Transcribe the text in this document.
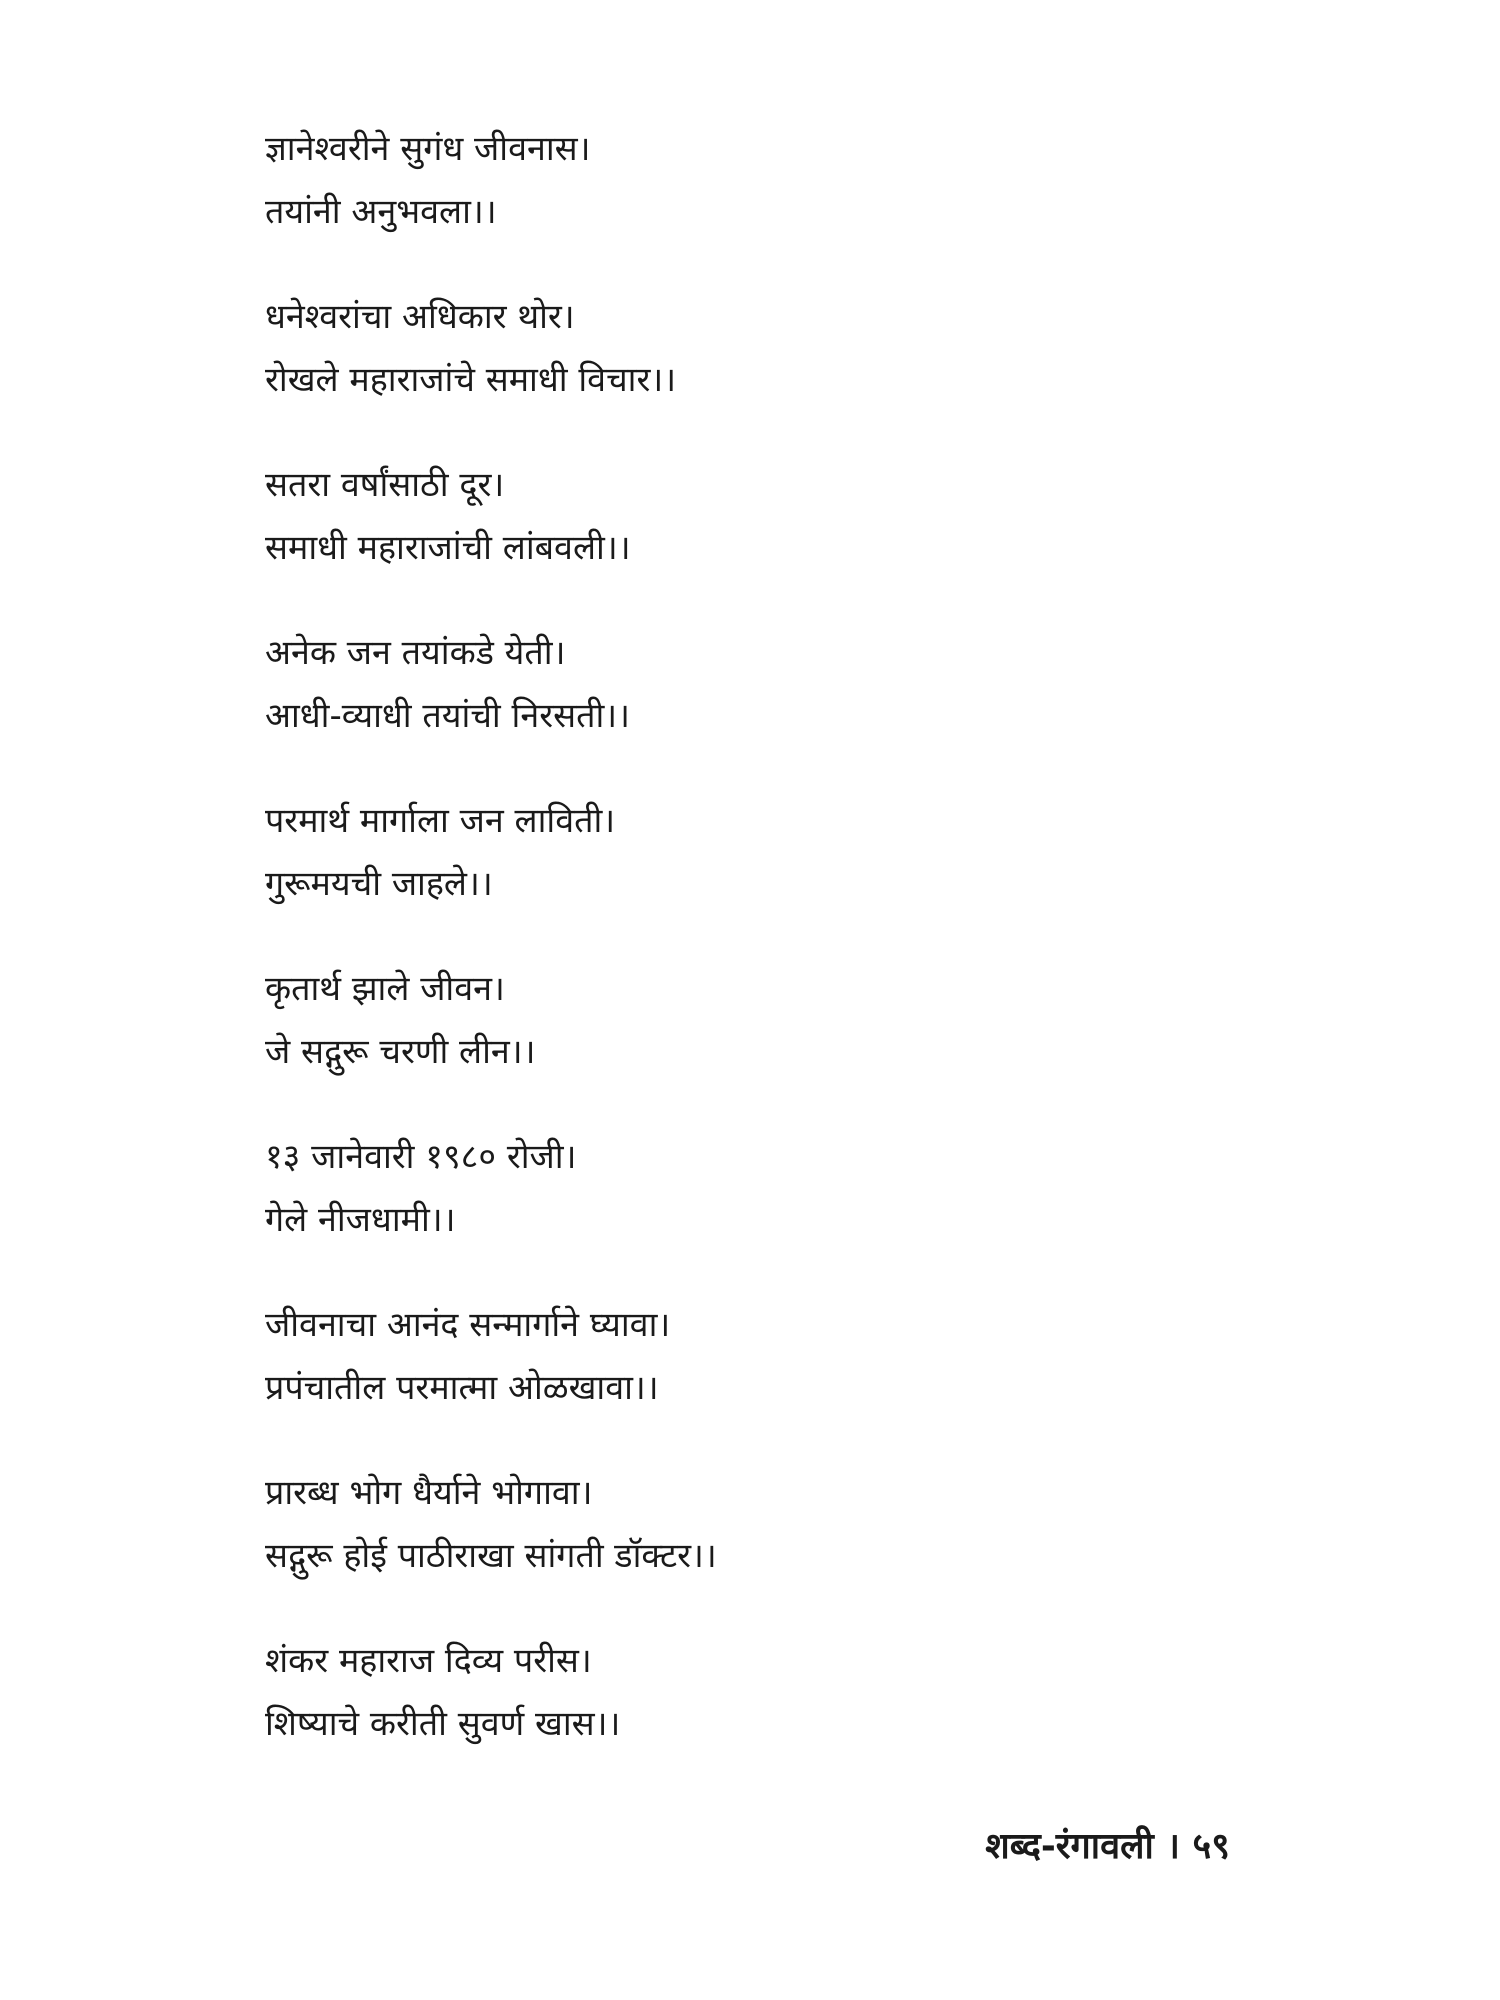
ज्ञानेश्वरीने सुगंध जीवनास।
तयांनी अनुभवला।।
धनेश्वरांचा अधिकार थोर।
रोखले महाराजांचे समाधी विचार।।
सतरा वर्षांसाठी दूर।
समाधी महाराजांची लांबवली।।
अनेक जन तयांकडे येती।
आधी-व्याधी तयांची निरसती।।
परमार्थ मार्गाला जन लाविती।
गुरूमयची जाहले।।
कृतार्थ झाले जीवन।
जे सद्गुरू चरणी लीन।।
१३ जानेवारी १९८० रोजी।
गेले नीजधामी।।
जीवनाचा आनंद सन्मार्गाने घ्यावा।
प्रपंचातील परमात्मा ओळखावा।।
प्रारब्ध भोग धैर्याने भोगावा।
सद्गुरू होई पाठीराखा सांगती डॉक्टर।।
शंकर महाराज दिव्य परीस।
शिष्याचे करीती सुवर्ण खास।।
शब्द-रंगावली । ५९
